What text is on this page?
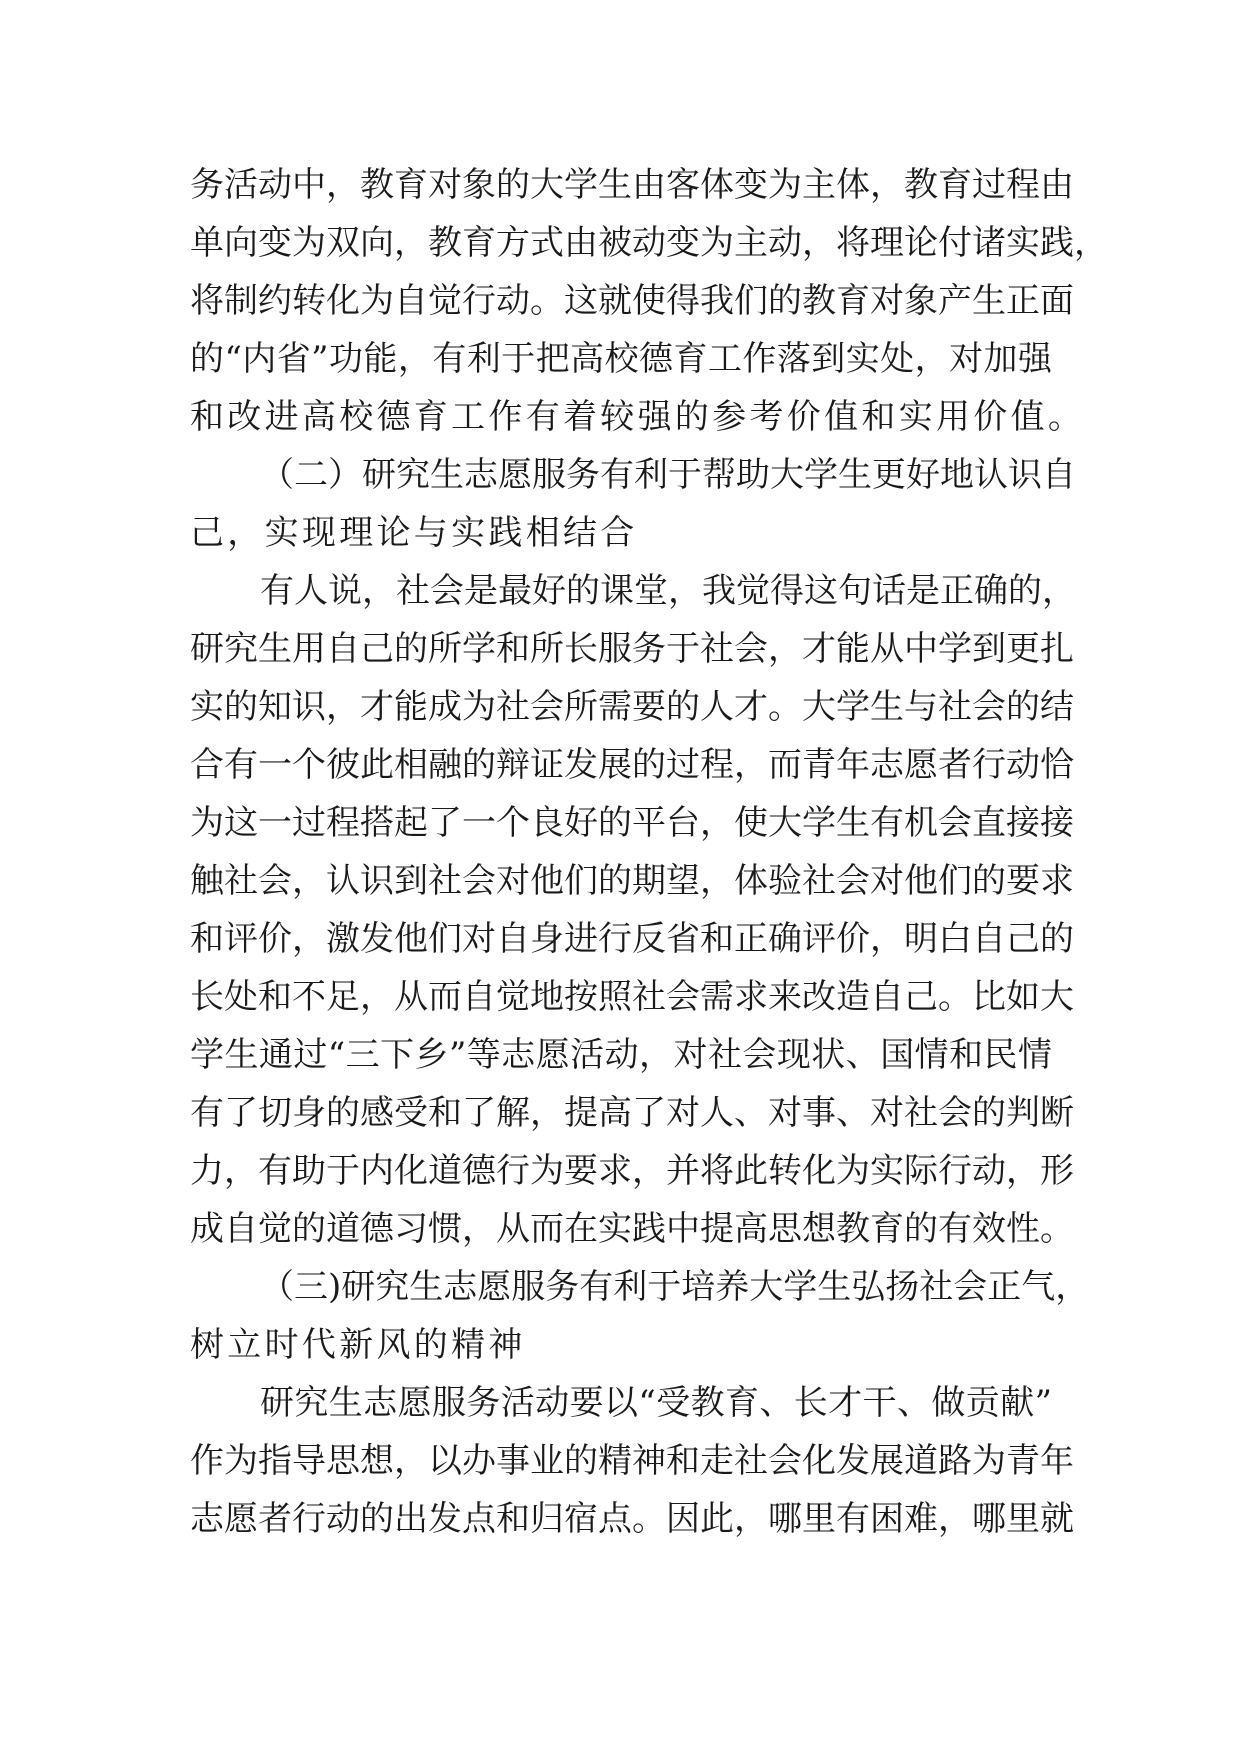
务活动中，教育对象的大学生由客体变为主体，教育过程由
单向变为双向，教育方式由被动变为主动，将理论付诸实践，
将制约转化为自觉行动。这就使得我们的教育对象产生正面
的“内省”功能，有利于把高校德育工作落到实处，对加强
和改进高校德育工作有着较强的参考价值和实用价值。
（二）研究生志愿服务有利于帮助大学生更好地认识自
己，实现理论与实践相结合
有人说，社会是最好的课堂，我觉得这句话是正确的，
研究生用自己的所学和所长服务于社会，才能从中学到更扎
实的知识，才能成为社会所需要的人才。大学生与社会的结
合有一个彼此相融的辩证发展的过程，而青年志愿者行动恰
为这一过程搭起了一个良好的平台，使大学生有机会直接接
触社会，认识到社会对他们的期望，体验社会对他们的要求
和评价，激发他们对自身进行反省和正确评价，明白自己的
长处和不足，从而自觉地按照社会需求来改造自己。比如大
学生通过“三下乡”等志愿活动，对社会现状、国情和民情
有了切身的感受和了解，提高了对人、对事、对社会的判断
力，有助于内化道德行为要求，并将此转化为实际行动，形
成自觉的道德习惯，从而在实践中提高思想教育的有效性。
（三)研究生志愿服务有利于培养大学生弘扬社会正气，
树立时代新风的精神
研究生志愿服务活动要以“受教育、长才干、做贡献”
作为指导思想，以办事业的精神和走社会化发展道路为青年
志愿者行动的出发点和归宿点。因此，哪里有困难，哪里就
